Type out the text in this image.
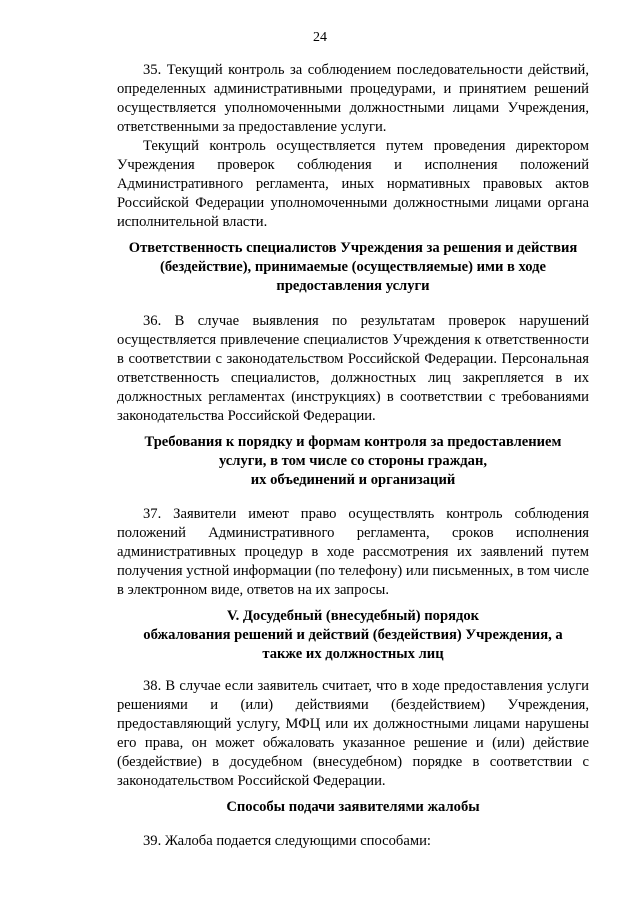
24

35. Текущий контроль за соблюдением последовательности действий, определенных административными процедурами, и принятием решений осуществляется уполномоченными должностными лицами Учреждения, ответственными за предоставление услуги.

Текущий контроль осуществляется путем проведения директором Учреждения проверок соблюдения и исполнения положений Административного регламента, иных нормативных правовых актов Российской Федерации уполномоченными должностными лицами органа исполнительной власти.

Ответственность специалистов Учреждения за решения и действия
(бездействие), принимаемые (осуществляемые) ими в ходе
предоставления услуги

36. В случае выявления по результатам проверок нарушений осуществляется привлечение специалистов Учреждения к ответственности в соответствии с законодательством Российской Федерации. Персональная ответственность специалистов, должностных лиц закрепляется в их должностных регламентах (инструкциях) в соответствии с требованиями законодательства Российской Федерации.

Требования к порядку и формам контроля за предоставлением
услуги, в том числе со стороны граждан,
их объединений и организаций

37. Заявители имеют право осуществлять контроль соблюдения положений Административного регламента, сроков исполнения административных процедур в ходе рассмотрения их заявлений путем получения устной информации (по телефону) или письменных, в том числе в электронном виде, ответов на их запросы.

V. Досудебный (внесудебный) порядок
обжалования решений и действий (бездействия) Учреждения, а
также их должностных лиц

38. В случае если заявитель считает, что в ходе предоставления услуги решениями и (или) действиями (бездействием) Учреждения, предоставляющий услугу, МФЦ или их должностными лицами нарушены его права, он может обжаловать указанное решение и (или) действие (бездействие) в досудебном (внесудебном) порядке в соответствии с законодательством Российской Федерации.

Способы подачи заявителями жалобы

39. Жалоба подается следующими способами:
